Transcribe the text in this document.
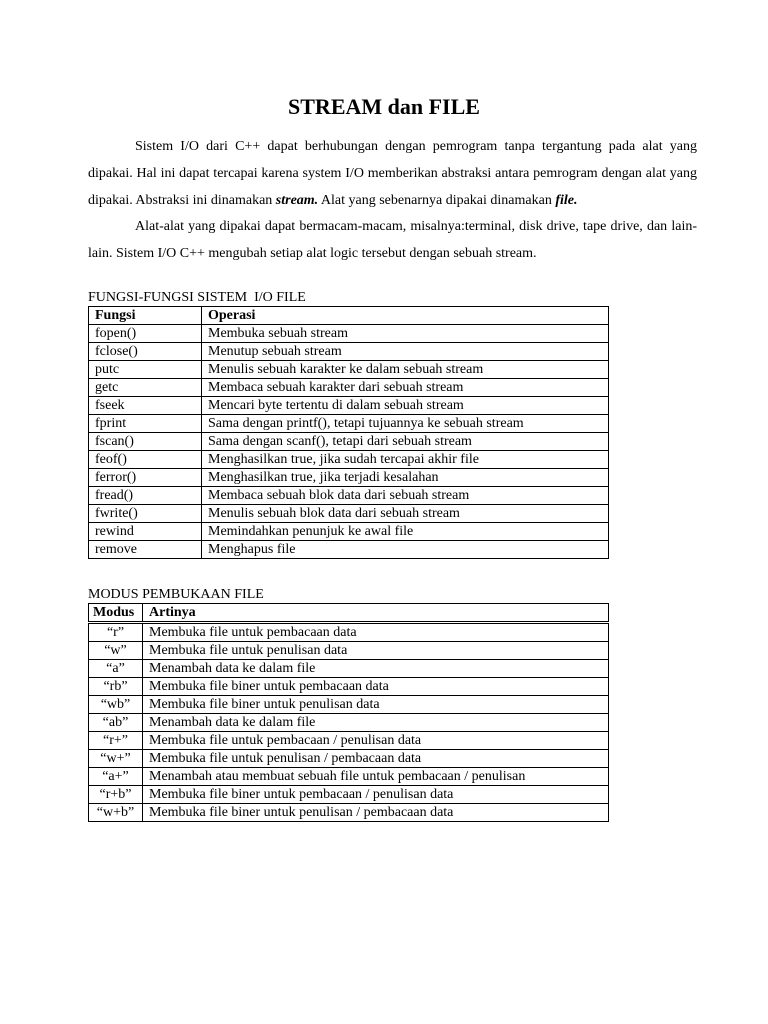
STREAM dan FILE

Sistem I/O dari C++ dapat berhubungan dengan pemrogram tanpa tergantung pada alat yang dipakai. Hal ini dapat tercapai karena system I/O memberikan abstraksi antara pemrogram dengan alat yang dipakai. Abstraksi ini dinamakan stream. Alat yang sebenarnya dipakai dinamakan file.

Alat-alat yang dipakai dapat bermacam-macam, misalnya:terminal, disk drive, tape drive, dan lain-lain. Sistem I/O C++ mengubah setiap alat logic tersebut dengan sebuah stream.

FUNGSI-FUNGSI SISTEM  I/O FILE
Fungsi	Operasi
fopen()	Membuka sebuah stream
fclose()	Menutup sebuah stream
putc	Menulis sebuah karakter ke dalam sebuah stream
getc	Membaca sebuah karakter dari sebuah stream
fseek	Mencari byte tertentu di dalam sebuah stream
fprint	Sama dengan printf(), tetapi tujuannya ke sebuah stream
fscan()	Sama dengan scanf(), tetapi dari sebuah stream
feof()	Menghasilkan true, jika sudah tercapai akhir file
ferror()	Menghasilkan true, jika terjadi kesalahan
fread()	Membaca sebuah blok data dari sebuah stream
fwrite()	Menulis sebuah blok data dari sebuah stream
rewind	Memindahkan penunjuk ke awal file
remove	Menghapus file
MODUS PEMBUKAAN FILE
Modus	Artinya
“r”	Membuka file untuk pembacaan data
“w”	Membuka file untuk penulisan data
“a”	Menambah data ke dalam file
“rb”	Membuka file biner untuk pembacaan data
“wb”	Membuka file biner untuk penulisan data
“ab”	Menambah data ke dalam file
“r+”	Membuka file untuk pembacaan / penulisan data
“w+”	Membuka file untuk penulisan / pembacaan data
“a+”	Menambah atau membuat sebuah file untuk pembacaan / penulisan
“r+b”	Membuka file biner untuk pembacaan / penulisan data
“w+b”	Membuka file biner untuk penulisan / pembacaan data
